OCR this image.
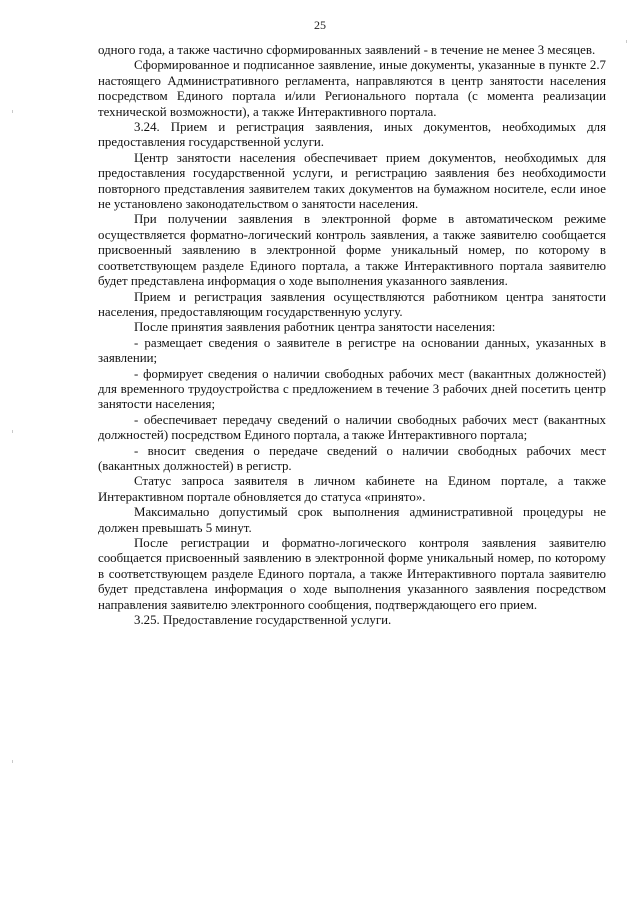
25

одного года, а также частично сформированных заявлений - в течение не менее 3 месяцев.

Сформированное и подписанное заявление, иные документы, указанные в пункте 2.7 настоящего Административного регламента, направляются в центр занятости населения посредством Единого портала и/или Регионального портала (с момента реализации технической возможности), а также Интерактивного портала.

3.24. Прием и регистрация заявления, иных документов, необходимых для предоставления государственной услуги.

Центр занятости населения обеспечивает прием документов, необходимых для предоставления государственной услуги, и регистрацию заявления без необходимости повторного представления заявителем таких документов на бумажном носителе, если иное не установлено законодательством о занятости населения.

При получении заявления в электронной форме в автоматическом режиме осуществляется форматно-логический контроль заявления, а также заявителю сообщается присвоенный заявлению в электронной форме уникальный номер, по которому в соответствующем разделе Единого портала, а также Интерактивного портала заявителю будет представлена информация о ходе выполнения указанного заявления.

Прием и регистрация заявления осуществляются работником центра занятости населения, предоставляющим государственную услугу.

После принятия заявления работник центра занятости населения:

- размещает сведения о заявителе в регистре на основании данных, указанных в заявлении;

- формирует сведения о наличии свободных рабочих мест (вакантных должностей) для временного трудоустройства с предложением в течение 3 рабочих дней посетить центр занятости населения;

- обеспечивает передачу сведений о наличии свободных рабочих мест (вакантных должностей) посредством Единого портала, а также Интерактивного портала;

- вносит сведения о передаче сведений о наличии свободных рабочих мест (вакантных должностей) в регистр.

Статус запроса заявителя в личном кабинете на Едином портале, а также Интерактивном портале обновляется до статуса «принято».

Максимально допустимый срок выполнения административной процедуры не должен превышать 5 минут.

После регистрации и форматно-логического контроля заявления заявителю сообщается присвоенный заявлению в электронной форме уникальный номер, по которому в соответствующем разделе Единого портала, а также Интерактивного портала заявителю будет представлена информация о ходе выполнения указанного заявления посредством направления заявителю электронного сообщения, подтверждающего его прием.

3.25. Предоставление государственной услуги.
